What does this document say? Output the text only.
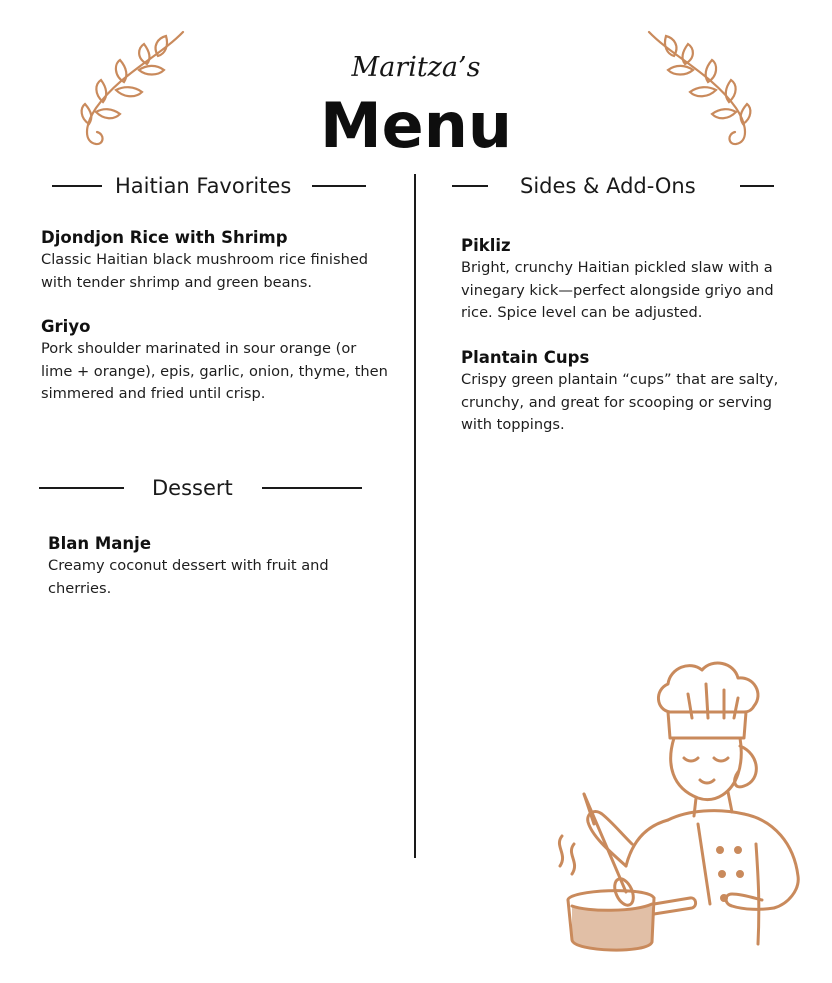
Maritza’s
Menu
Haitian Favorites
Djondjon Rice with Shrimp
Classic Haitian black mushroom rice finished with tender shrimp and green beans.
Griyo
Pork shoulder marinated in sour orange (or lime + orange), epis, garlic, onion, thyme, then simmered and fried until crisp.
Dessert
Blan Manje
Creamy coconut dessert with fruit and cherries.
Sides & Add-Ons
Pikliz
Bright, crunchy Haitian pickled slaw with a vinegary kick—perfect alongside griyo and rice. Spice level can be adjusted.
Plantain Cups
Crispy green plantain “cups” that are salty, crunchy, and great for scooping or serving with toppings.
